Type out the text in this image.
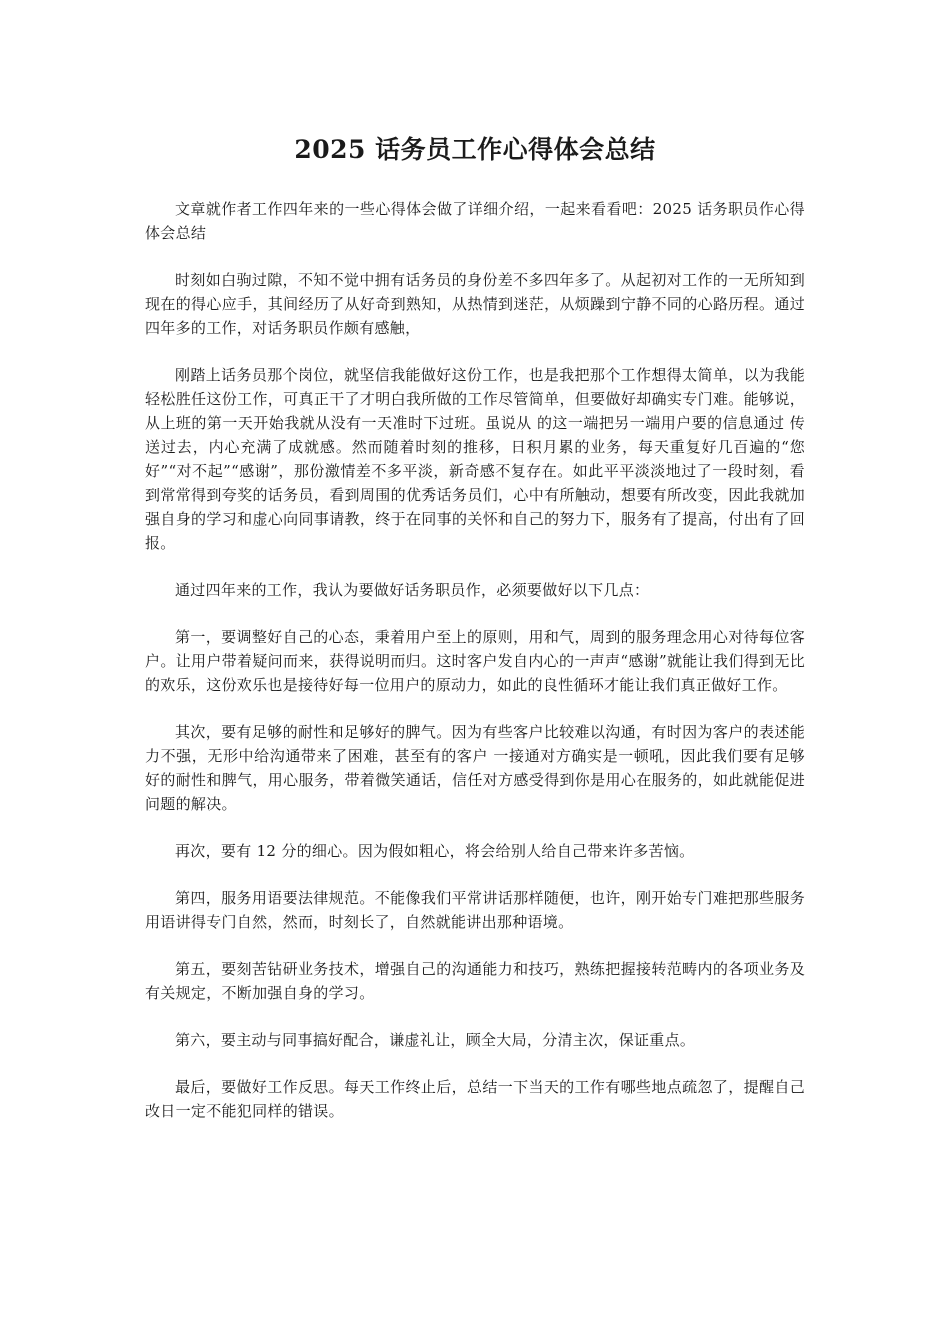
2025 话务员工作心得体会总结

文章就作者工作四年来的一些心得体会做了详细介绍，一起来看看吧：2025 话务职员作心得体会总结

时刻如白驹过隙，不知不觉中拥有话务员的身份差不多四年多了。从起初对工作的一无所知到现在的得心应手，其间经历了从好奇到熟知，从热情到迷茫，从烦躁到宁静不同的心路历程。通过四年多的工作，对话务职员作颇有感触，

刚踏上话务员那个岗位，就坚信我能做好这份工作，也是我把那个工作想得太简单，以为我能轻松胜任这份工作，可真正干了才明白我所做的工作尽管简单，但要做好却确实专门难。能够说，从上班的第一天开始我就从没有一天准时下过班。虽说从 的这一端把另一端用户要的信息通过 传送过去，内心充满了成就感。然而随着时刻的推移，日积月累的业务，每天重复好几百遍的“您好”“对不起”“感谢”，那份激情差不多平淡，新奇感不复存在。如此平平淡淡地过了一段时刻，看到常常得到夸奖的话务员，看到周围的优秀话务员们，心中有所触动，想要有所改变，因此我就加强自身的学习和虚心向同事请教，终于在同事的关怀和自己的努力下，服务有了提高，付出有了回报。

通过四年来的工作，我认为要做好话务职员作，必须要做好以下几点：

第一，要调整好自己的心态，秉着用户至上的原则，用和气，周到的服务理念用心对待每位客户。让用户带着疑问而来，获得说明而归。这时客户发自内心的一声声“感谢”就能让我们得到无比的欢乐，这份欢乐也是接待好每一位用户的原动力，如此的良性循环才能让我们真正做好工作。

其次，要有足够的耐性和足够好的脾气。因为有些客户比较难以沟通，有时因为客户的表述能力不强，无形中给沟通带来了困难，甚至有的客户 一接通对方确实是一顿吼，因此我们要有足够好的耐性和脾气，用心服务，带着微笑通话，信任对方感受得到你是用心在服务的，如此就能促进问题的解决。

再次，要有 12 分的细心。因为假如粗心，将会给别人给自己带来许多苦恼。

第四，服务用语要法律规范。不能像我们平常讲话那样随便，也许，刚开始专门难把那些服务用语讲得专门自然，然而，时刻长了，自然就能讲出那种语境。

第五，要刻苦钻研业务技术，增强自己的沟通能力和技巧，熟练把握接转范畴内的各项业务及有关规定，不断加强自身的学习。

第六，要主动与同事搞好配合，谦虚礼让，顾全大局，分清主次，保证重点。

最后，要做好工作反思。每天工作终止后，总结一下当天的工作有哪些地点疏忽了，提醒自己改日一定不能犯同样的错误。
